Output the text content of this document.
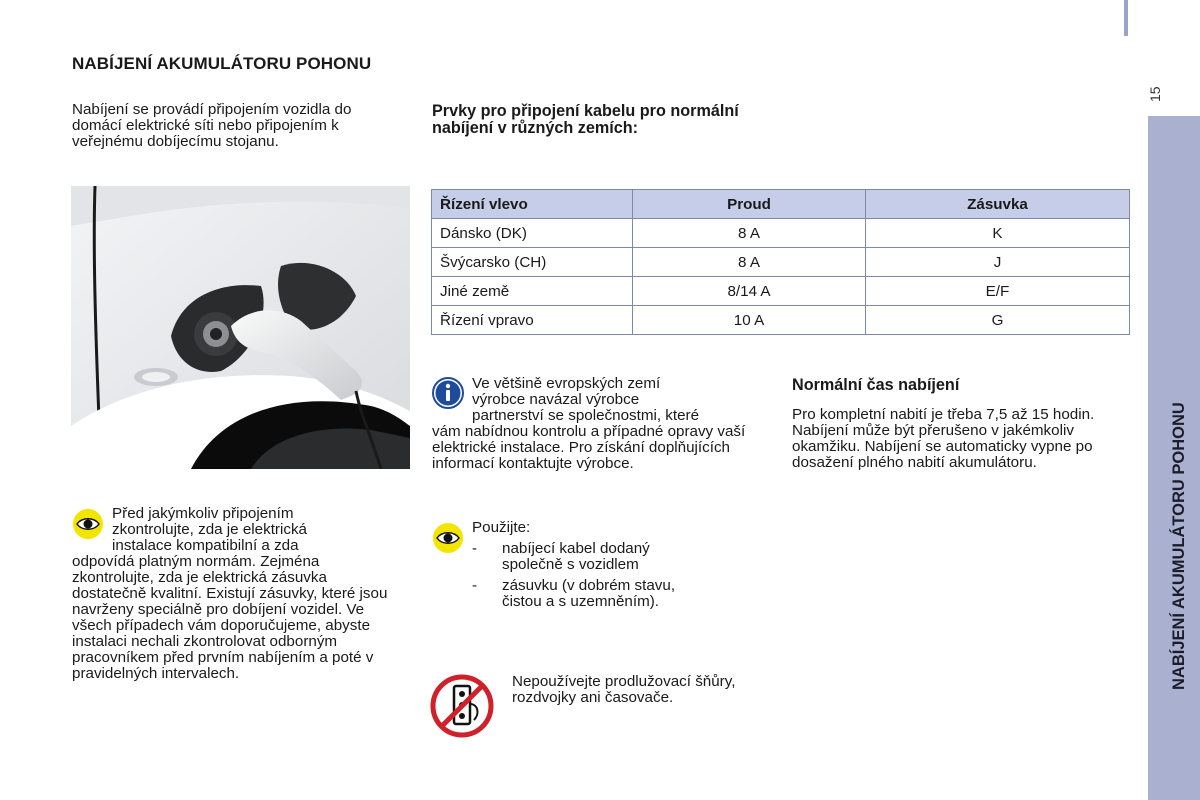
NABÍJENÍ AKUMULÁTORU POHONU
Nabíjení se provádí připojením vozidla do domácí elektrické síti nebo připojením k veřejnému dobíjecímu stojanu.
Prvky pro připojení kabelu pro normální nabíjení v různých zemích:
Řízení vlevo	Proud	Zásuvka
Dánsko (DK)	8 A	K
Švýcarsko (CH)	8 A	J
Jiné země	8/14 A	E/F
Řízení vpravo	10 A	G
Ve většině evropských zemí
výrobce navázal výrobce
partnerství se společnostmi, které
vám nabídnou kontrolu a případné opravy vaší elektrické instalace. Pro získání doplňujících informací kontaktujte výrobce.
Normální čas nabíjení
Pro kompletní nabití je třeba 7,5 až 15 hodin. Nabíjení může být přerušeno v jakémkoliv okamžiku. Nabíjení se automaticky vypne po dosažení plného nabití akumulátoru.
Před jakýmkoliv připojením
zkontrolujte, zda je elektrická
instalace kompatibilní a zda
odpovídá platným normám. Zejména zkontrolujte, zda je elektrická zásuvka dostatečně kvalitní. Existují zásuvky, které jsou navrženy speciálně pro dobíjení vozidel. Ve všech případech vám doporučujeme, abyste instalaci nechali zkontrolovat odborným pracovníkem před prvním nabíjením a poté v pravidelných intervalech.
Použijte:
- nabíjecí kabel dodaný
společně s vozidlem
- zásuvku (v dobrém stavu,
čistou a s uzemněním).
Nepoužívejte prodlužovací šňůry, rozdvojky ani časovače.
15
NABÍJENÍ AKUMULÁTORU POHONU
